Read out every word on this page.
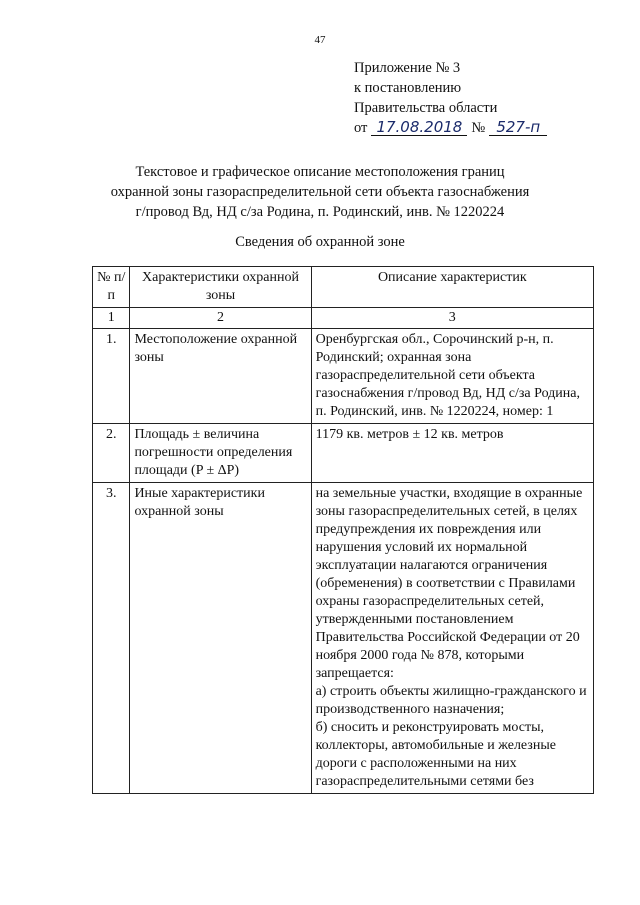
47
Приложение № 3
к постановлению
Правительства области
от 17.08.2018 № 527-п
Текстовое и графическое описание местоположения границ
охранной зоны газораспределительной сети объекта газоснабжения
г/провод Вд, НД с/за Родина, п. Родинский, инв. № 1220224
Сведения об охранной зоне
№ п/п	Характеристики охранной зоны	Описание характеристик
1	2	3
1.	Местоположение охранной зоны	Оренбургская обл., Сорочинский р-н, п. Родинский; охранная зона газораспределительной сети объекта газоснабжения г/провод Вд, НД с/за Родина, п. Родинский, инв. № 1220224, номер: 1
2.	Площадь ± величина погрешности определения площади (P ± ΔP)	1179 кв. метров ± 12 кв. метров
3.	Иные характеристики охранной зоны	на земельные участки, входящие в охранные зоны газораспределительных сетей, в целях предупреждения их повреждения или нарушения условий их нормальной эксплуатации налагаются ограничения (обременения) в соответствии с Правилами охраны газораспределительных сетей, утвержденными постановлением Правительства Российской Федерации от 20 ноября 2000 года № 878, которыми запрещается:
а) строить объекты жилищно-гражданского и производственного назначения;
б) сносить и реконструировать мосты, коллекторы, автомобильные и железные дороги с расположенными на них газораспределительными сетями без
